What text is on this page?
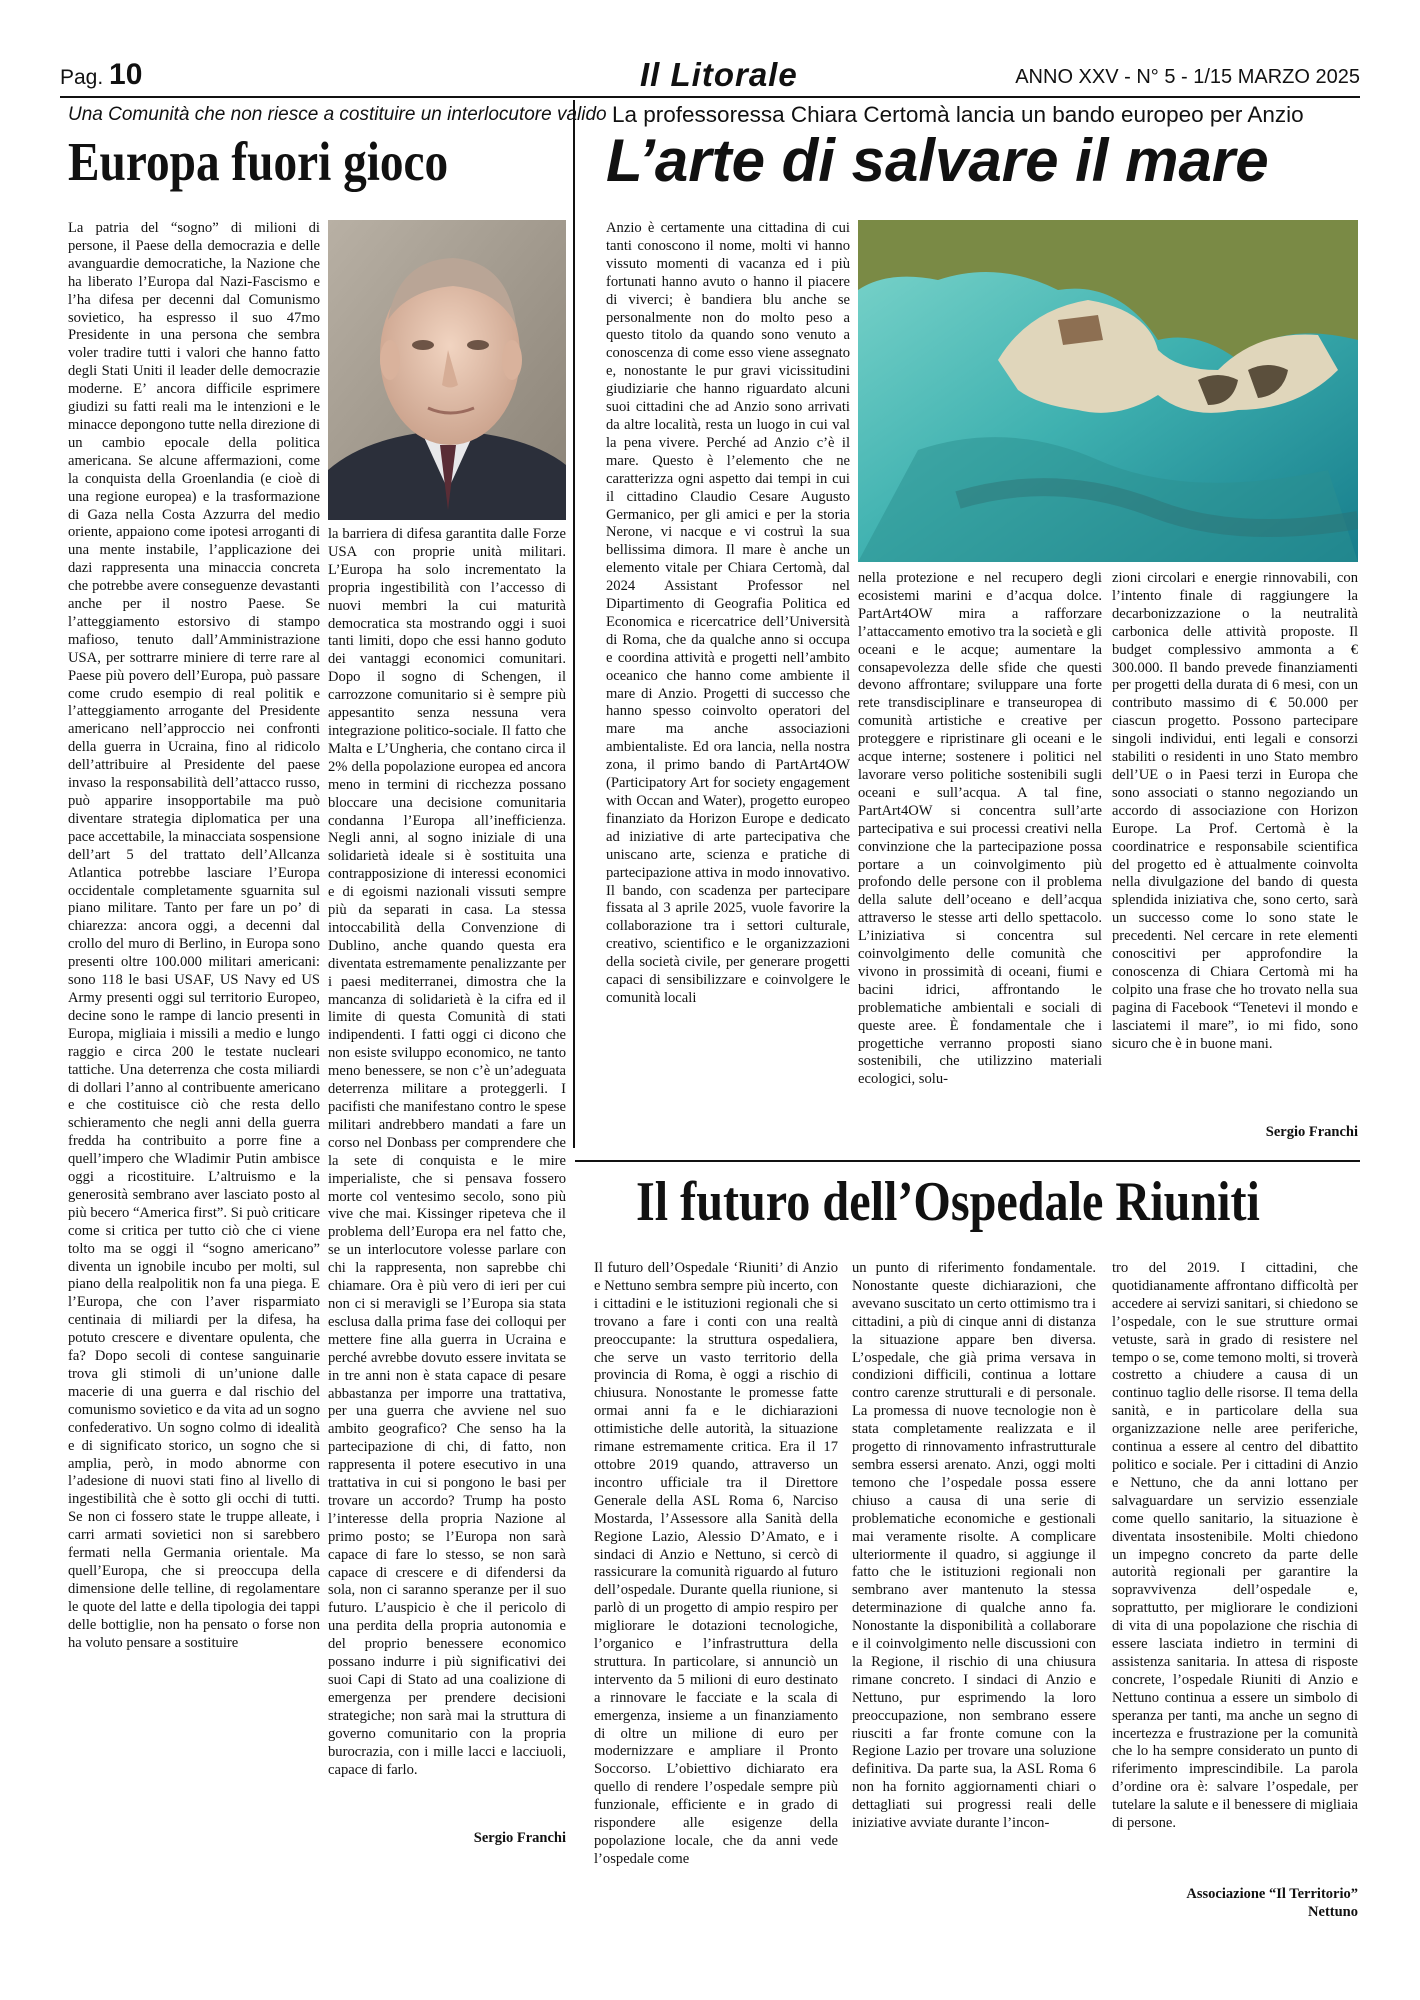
Pag. 10	Il Litorale	ANNO XXV - N° 5 - 1/15 MARZO 2025
Una Comunità che non riesce a costituire un interlocutore valido
Europa fuori gioco

La patria del “sogno” di milioni di persone, il Paese della democrazia e delle avanguardie democratiche, la Nazione che ha liberato l’Europa dal Nazi-Fascismo e l’ha difesa per decenni dal Comunismo sovietico, ha espresso il suo 47mo Presidente in una persona che sembra voler tradire tutti i valori che hanno fatto degli Stati Uniti il leader delle democrazie moderne. E’ ancora difficile esprimere giudizi su fatti reali ma le intenzioni e le minacce depongono tutte nella direzione di un cambio epocale della politica americana. Se alcune affermazioni, come la conquista della Groenlandia (e cioè di una regione europea) e la trasformazione di Gaza nella Costa Azzurra del medio oriente, appaiono come ipotesi arroganti di una mente instabile, l’applicazione dei dazi rappresenta una minaccia concreta che potrebbe avere conseguenze devastanti anche per il nostro Paese. Se l’atteggiamento estorsivo di stampo mafioso, tenuto dall’Amministrazione USA, per sottrarre miniere di terre rare al Paese più povero dell’Europa, può passare come crudo esempio di real politik e l’atteggiamento arrogante del Presidente americano nell’approccio nei confronti della guerra in Ucraina, fino al ridicolo dell’attribuire al Presidente del paese invaso la responsabilità dell’attacco russo, può apparire insopportabile ma può diventare strategia diplomatica per una pace accettabile, la minacciata sospensione dell’art 5 del trattato dell’Allcanza Atlantica potrebbe lasciare l’Europa occidentale completamente sguarnita sul piano militare. Tanto per fare un po’ di chiarezza: ancora oggi, a decenni dal crollo del muro di Berlino, in Europa sono presenti oltre 100.000 militari americani: sono 118 le basi USAF, US Navy ed US Army presenti oggi sul territorio Europeo, decine sono le rampe di lancio presenti in Europa, migliaia i missili a medio e lungo raggio e circa 200 le testate nucleari tattiche. Una deterrenza che costa miliardi di dollari l’anno al contribuente americano e che costituisce ciò che resta dello schieramento che negli anni della guerra fredda ha contribuito a porre fine a quell’impero che Wladimir Putin ambisce oggi a ricostituire. L’altruismo e la generosità sembrano aver lasciato posto al più becero “America first”. Si può criticare come si critica per tutto ciò che ci viene tolto ma se oggi il “sogno americano” diventa un ignobile incubo per molti, sul piano della realpolitik non fa una piega. E l’Europa, che con l’aver risparmiato centinaia di miliardi per la difesa, ha potuto crescere e diventare opulenta, che fa? Dopo secoli di contese sanguinarie trova gli stimoli di un’unione dalle macerie di una guerra e dal rischio del comunismo sovietico e da vita ad un sogno confederativo. Un sogno colmo di idealità e di significato storico, un sogno che si amplia, però, in modo abnorme con l’adesione di nuovi stati fino al livello di ingestibilità che è sotto gli occhi di tutti. Se non ci fossero state le truppe alleate, i carri armati sovietici non si sarebbero fermati nella Germania orientale. Ma quell’Europa, che si preoccupa della dimensione delle telline, di regolamentare le quote del latte e della tipologia dei tappi delle bottiglie, non ha pensato o forse non ha voluto pensare a sostituire

la barriera di difesa garantita dalle Forze USA con proprie unità militari. L’Europa ha solo incrementato la propria ingestibilità con l’accesso di nuovi membri la cui maturità democratica sta mostrando oggi i suoi tanti limiti, dopo che essi hanno goduto dei vantaggi economici comunitari. Dopo il sogno di Schengen, il carrozzone comunitario si è sempre più appesantito senza nessuna vera integrazione politico-sociale. Il fatto che Malta e L’Ungheria, che contano circa il 2% della popolazione europea ed ancora meno in termini di ricchezza possano bloccare una decisione comunitaria condanna l’Europa all’inefficienza. Negli anni, al sogno iniziale di una solidarietà ideale si è sostituita una contrapposizione di interessi economici e di egoismi nazionali vissuti sempre più da separati in casa. La stessa intoccabilità della Convenzione di Dublino, anche quando questa era diventata estremamente penalizzante per i paesi mediterranei, dimostra che la mancanza di solidarietà è la cifra ed il limite di questa Comunità di stati indipendenti. I fatti oggi ci dicono che non esiste sviluppo economico, ne tanto meno benessere, se non c’è un’adeguata deterrenza militare a proteggerli. I pacifisti che manifestano contro le spese militari andrebbero mandati a fare un corso nel Donbass per comprendere che la sete di conquista e le mire imperialiste, che si pensava fossero morte col ventesimo secolo, sono più vive che mai. Kissinger ripeteva che il problema dell’Europa era nel fatto che, se un interlocutore volesse parlare con chi la rappresenta, non saprebbe chi chiamare. Ora è più vero di ieri per cui non ci si meravigli se l’Europa sia stata esclusa dalla prima fase dei colloqui per mettere fine alla guerra in Ucraina e perché avrebbe dovuto essere invitata se in tre anni non è stata capace di pesare abbastanza per imporre una trattativa, per una guerra che avviene nel suo ambito geografico? Che senso ha la partecipazione di chi, di fatto, non rappresenta il potere esecutivo in una trattativa in cui si pongono le basi per trovare un accordo? Trump ha posto l’interesse della propria Nazione al primo posto; se l’Europa non sarà capace di fare lo stesso, se non sarà capace di crescere e di difendersi da sola, non ci saranno speranze per il suo futuro. L’auspicio è che il pericolo di una perdita della propria autonomia e del proprio benessere economico possano indurre i più significativi dei suoi Capi di Stato ad una coalizione di emergenza per prendere decisioni strategiche; non sarà mai la struttura di governo comunitario con la propria burocrazia, con i mille lacci e lacciuoli, capace di farlo.

Sergio Franchi
La professoressa Chiara Certomà lancia un bando europeo per Anzio
L’arte di salvare il mare

Anzio è certamente una cittadina di cui tanti conoscono il nome, molti vi hanno vissuto momenti di vacanza ed i più fortunati hanno avuto o hanno il piacere di viverci; è bandiera blu anche se personalmente non do molto peso a questo titolo da quando sono venuto a conoscenza di come esso viene assegnato e, nonostante le pur gravi vicissitudini giudiziarie che hanno riguardato alcuni suoi cittadini che ad Anzio sono arrivati da altre località, resta un luogo in cui val la pena vivere. Perché ad Anzio c’è il mare. Questo è l’elemento che ne caratterizza ogni aspetto dai tempi in cui il cittadino Claudio Cesare Augusto Germanico, per gli amici e per la storia Nerone, vi nacque e vi costruì la sua bellissima dimora. Il mare è anche un elemento vitale per Chiara Certomà, dal 2024 Assistant Professor nel Dipartimento di Geografia Politica ed Economica e ricercatrice dell’Università di Roma, che da qualche anno si occupa e coordina attività e progetti nell’ambito oceanico che hanno come ambiente il mare di Anzio. Progetti di successo che hanno spesso coinvolto operatori del mare ma anche associazioni ambientaliste. Ed ora lancia, nella nostra zona, il primo bando di PartArt4OW (Participatory Art for society engagement with Occan and Water), progetto europeo finanziato da Horizon Europe e dedicato ad iniziative di arte partecipativa che uniscano arte, scienza e pratiche di partecipazione attiva in modo innovativo. Il bando, con scadenza per partecipare fissata al 3 aprile 2025, vuole favorire la collaborazione tra i settori culturale, creativo, scientifico e le organizzazioni della società civile, per generare progetti capaci di sensibilizzare e coinvolgere le comunità locali

nella protezione e nel recupero degli ecosistemi marini e d’acqua dolce. PartArt4OW mira a rafforzare l’attaccamento emotivo tra la società e gli oceani e le acque; aumentare la consapevolezza delle sfide che questi devono affrontare; sviluppare una forte rete transdisciplinare e transeuropea di comunità artistiche e creative per proteggere e ripristinare gli oceani e le acque interne; sostenere i politici nel lavorare verso politiche sostenibili sugli oceani e sull’acqua. A tal fine, PartArt4OW si concentra sull’arte partecipativa e sui processi creativi nella convinzione che la partecipazione possa portare a un coinvolgimento più profondo delle persone con il problema della salute dell’oceano e dell’acqua attraverso le stesse arti dello spettacolo. L’iniziativa si concentra sul coinvolgimento delle comunità che vivono in prossimità di oceani, fiumi e bacini idrici, affrontando le problematiche ambientali e sociali di queste aree. È fondamentale che i progettiche verranno proposti siano sostenibili, che utilizzino materiali ecologici, solu-

zioni circolari e energie rinnovabili, con l’intento finale di raggiungere la decarbonizzazione o la neutralità carbonica delle attività proposte. Il budget complessivo ammonta a € 300.000. Il bando prevede finanziamenti per progetti della durata di 6 mesi, con un contributo massimo di € 50.000 per ciascun progetto. Possono partecipare singoli individui, enti legali e consorzi stabiliti o residenti in uno Stato membro dell’UE o in Paesi terzi in Europa che sono associati o stanno negoziando un accordo di associazione con Horizon Europe. La Prof. Certomà è la coordinatrice e responsabile scientifica del progetto ed è attualmente coinvolta nella divulgazione del bando di questa splendida iniziativa che, sono certo, sarà un successo come lo sono state le precedenti. Nel cercare in rete elementi conoscitivi per approfondire la conoscenza di Chiara Certomà mi ha colpito una frase che ho trovato nella sua pagina di Facebook “Tenetevi il mondo e lasciatemi il mare”, io mi fido, sono sicuro che è in buone mani.

Sergio Franchi
Il futuro dell’Ospedale Riuniti

Il futuro dell’Ospedale ‘Riuniti’ di Anzio e Nettuno sembra sempre più incerto, con i cittadini e le istituzioni regionali che si trovano a fare i conti con una realtà preoccupante: la struttura ospedaliera, che serve un vasto territorio della provincia di Roma, è oggi a rischio di chiusura. Nonostante le promesse fatte ormai anni fa e le dichiarazioni ottimistiche delle autorità, la situazione rimane estremamente critica. Era il 17 ottobre 2019 quando, attraverso un incontro ufficiale tra il Direttore Generale della ASL Roma 6, Narciso Mostarda, l’Assessore alla Sanità della Regione Lazio, Alessio D’Amato, e i sindaci di Anzio e Nettuno, si cercò di rassicurare la comunità riguardo al futuro dell’ospedale. Durante quella riunione, si parlò di un progetto di ampio respiro per migliorare le dotazioni tecnologiche, l’organico e l’infrastruttura della struttura. In particolare, si annunciò un intervento da 5 milioni di euro destinato a rinnovare le facciate e la scala di emergenza, insieme a un finanziamento di oltre un milione di euro per modernizzare e ampliare il Pronto Soccorso. L’obiettivo dichiarato era quello di rendere l’ospedale sempre più funzionale, efficiente e in grado di rispondere alle esigenze della popolazione locale, che da anni vede l’ospedale come

un punto di riferimento fondamentale. Nonostante queste dichiarazioni, che avevano suscitato un certo ottimismo tra i cittadini, a più di cinque anni di distanza la situazione appare ben diversa. L’ospedale, che già prima versava in condizioni difficili, continua a lottare contro carenze strutturali e di personale. La promessa di nuove tecnologie non è stata completamente realizzata e il progetto di rinnovamento infrastrutturale sembra essersi arenato. Anzi, oggi molti temono che l’ospedale possa essere chiuso a causa di una serie di problematiche economiche e gestionali mai veramente risolte. A complicare ulteriormente il quadro, si aggiunge il fatto che le istituzioni regionali non sembrano aver mantenuto la stessa determinazione di qualche anno fa. Nonostante la disponibilità a collaborare e il coinvolgimento nelle discussioni con la Regione, il rischio di una chiusura rimane concreto. I sindaci di Anzio e Nettuno, pur esprimendo la loro preoccupazione, non sembrano essere riusciti a far fronte comune con la Regione Lazio per trovare una soluzione definitiva. Da parte sua, la ASL Roma 6 non ha fornito aggiornamenti chiari o dettagliati sui progressi reali delle iniziative avviate durante l’incon-

tro del 2019. I cittadini, che quotidianamente affrontano difficoltà per accedere ai servizi sanitari, si chiedono se l’ospedale, con le sue strutture ormai vetuste, sarà in grado di resistere nel tempo o se, come temono molti, si troverà costretto a chiudere a causa di un continuo taglio delle risorse. Il tema della sanità, e in particolare della sua organizzazione nelle aree periferiche, continua a essere al centro del dibattito politico e sociale. Per i cittadini di Anzio e Nettuno, che da anni lottano per salvaguardare un servizio essenziale come quello sanitario, la situazione è diventata insostenibile. Molti chiedono un impegno concreto da parte delle autorità regionali per garantire la sopravvivenza dell’ospedale e, soprattutto, per migliorare le condizioni di vita di una popolazione che rischia di essere lasciata indietro in termini di assistenza sanitaria. In attesa di risposte concrete, l’ospedale Riuniti di Anzio e Nettuno continua a essere un simbolo di speranza per tanti, ma anche un segno di incertezza e frustrazione per la comunità che lo ha sempre considerato un punto di riferimento imprescindibile. La parola d’ordine ora è: salvare l’ospedale, per tutelare la salute e il benessere di migliaia di persone.

Associazione “Il Territorio”
Nettuno
